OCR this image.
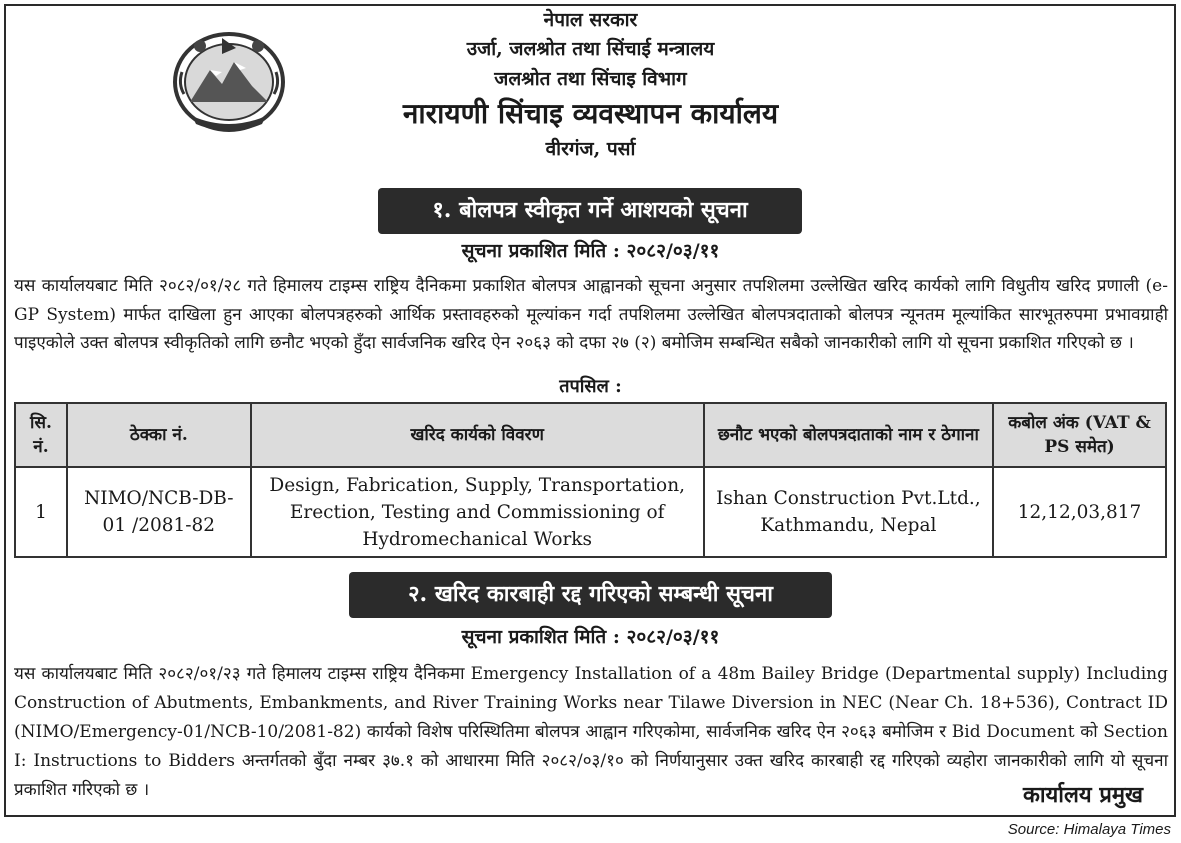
नेपाल सरकार
उर्जा, जलश्रोत तथा सिंचाई मन्त्रालय
जलश्रोत तथा सिंचाइ विभाग
नारायणी सिंचाइ व्यवस्थापन कार्यालय
वीरगंज, पर्सा
१. बोलपत्र स्वीकृत गर्ने आशयको सूचना
सूचना प्रकाशित मिति : २०८२/०३/११
यस कार्यालयबाट मिति २०८२/०१/२८ गते हिमालय टाइम्स राष्ट्रिय दैनिकमा प्रकाशित बोलपत्र आह्वानको सूचना अनुसार तपशिलमा उल्लेखित खरिद कार्यको लागि विधुतीय खरिद प्रणाली (e-GP System) मार्फत दाखिला हुन आएका बोलपत्रहरुको आर्थिक प्रस्तावहरुको मूल्यांकन गर्दा तपशिलमा उल्लेखित बोलपत्रदाताको बोलपत्र न्यूनतम मूल्यांकित सारभूतरुपमा प्रभावग्राही पाइएकोले उक्त बोलपत्र स्वीकृतिको लागि छनौट भएको हुँदा सार्वजनिक खरिद ऐन २०६३ को दफा २७ (२) बमोजिम सम्बन्धित सबैको जानकारीको लागि यो सूचना प्रकाशित गरिएको छ ।
तपसिल :
सि. नं.	ठेक्का नं.	खरिद कार्यको विवरण	छनौट भएको बोलपत्रदाताको नाम र ठेगाना	कबोल अंक (VAT & PS समेत)
1	NIMO/NCB-DB-01 /2081-82	Design, Fabrication, Supply, Transportation, Erection, Testing and Commissioning of Hydromechanical Works	Ishan Construction Pvt.Ltd., Kathmandu, Nepal	12,12,03,817
२. खरिद कारबाही रद्द गरिएको सम्बन्धी सूचना
सूचना प्रकाशित मिति : २०८२/०३/११
यस कार्यालयबाट मिति २०८२/०१/२३ गते हिमालय टाइम्स राष्ट्रिय दैनिकमा Emergency Installation of a 48m Bailey Bridge (Departmental supply) Including Construction of Abutments, Embankments, and River Training Works near Tilawe Diversion in NEC (Near Ch. 18+536), Contract ID (NIMO/Emergency-01/NCB-10/2081-82) कार्यको विशेष परिस्थितिमा बोलपत्र आह्वान गरिएकोमा, सार्वजनिक खरिद ऐन २०६३ बमोजिम र Bid Document को Section I: Instructions to Bidders अन्तर्गतको बुँदा नम्बर ३७.१ को आधारमा मिति २०८२/०३/१० को निर्णयानुसार उक्त खरिद कारबाही रद्द गरिएको व्यहोरा जानकारीको लागि यो सूचना प्रकाशित गरिएको छ ।	कार्यालय प्रमुख
Source: Himalaya Times
